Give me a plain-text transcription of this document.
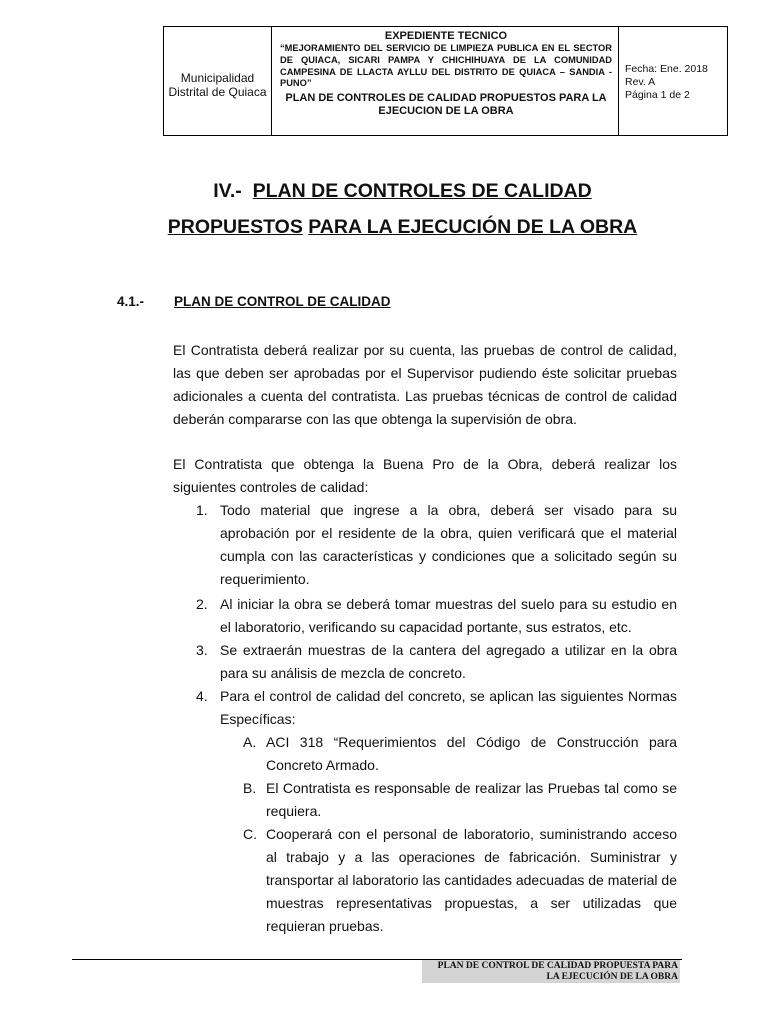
Municipalidad Distrital de Quiaca
EXPEDIENTE TECNICO
“MEJORAMIENTO DEL SERVICIO DE LIMPIEZA PUBLICA EN EL SECTOR DE QUIACA, SICARI PAMPA Y CHICHIHUAYA DE LA COMUNIDAD CAMPESINA DE LLACTA AYLLU DEL DISTRITO DE QUIACA – SANDIA - PUNO”
PLAN DE CONTROLES DE CALIDAD PROPUESTOS PARA LA EJECUCION DE LA OBRA
Fecha: Ene. 2018
Rev. A
Página 1 de 2
IV.- PLAN DE CONTROLES DE CALIDAD
PROPUESTOS PARA LA EJECUCIÓN DE LA OBRA
4.1.- PLAN DE CONTROL DE CALIDAD
El Contratista deberá realizar por su cuenta, las pruebas de control de calidad, las que deben ser aprobadas por el Supervisor pudiendo éste solicitar pruebas adicionales a cuenta del contratista. Las pruebas técnicas de control de calidad deberán compararse con las que obtenga la supervisión de obra.
El Contratista que obtenga la Buena Pro de la Obra, deberá realizar los siguientes controles de calidad:
1. Todo material que ingrese a la obra, deberá ser visado para su aprobación por el residente de la obra, quien verificará que el material cumpla con las características y condiciones que a solicitado según su requerimiento.
2. Al iniciar la obra se deberá tomar muestras del suelo para su estudio en el laboratorio, verificando su capacidad portante, sus estratos, etc.
3. Se extraerán muestras de la cantera del agregado a utilizar en la obra para su análisis de mezcla de concreto.
4. Para el control de calidad del concreto, se aplican las siguientes Normas Específicas:
A. ACI 318 “Requerimientos del Código de Construcción para Concreto Armado.
B. El Contratista es responsable de realizar las Pruebas tal como se requiera.
C. Cooperará con el personal de laboratorio, suministrando acceso al trabajo y a las operaciones de fabricación. Suministrar y transportar al laboratorio las cantidades adecuadas de material de muestras representativas propuestas, a ser utilizadas que requieran pruebas.
PLAN DE CONTROL DE CALIDAD PROPUESTA PARA
LA EJECUCIÓN DE LA OBRA
